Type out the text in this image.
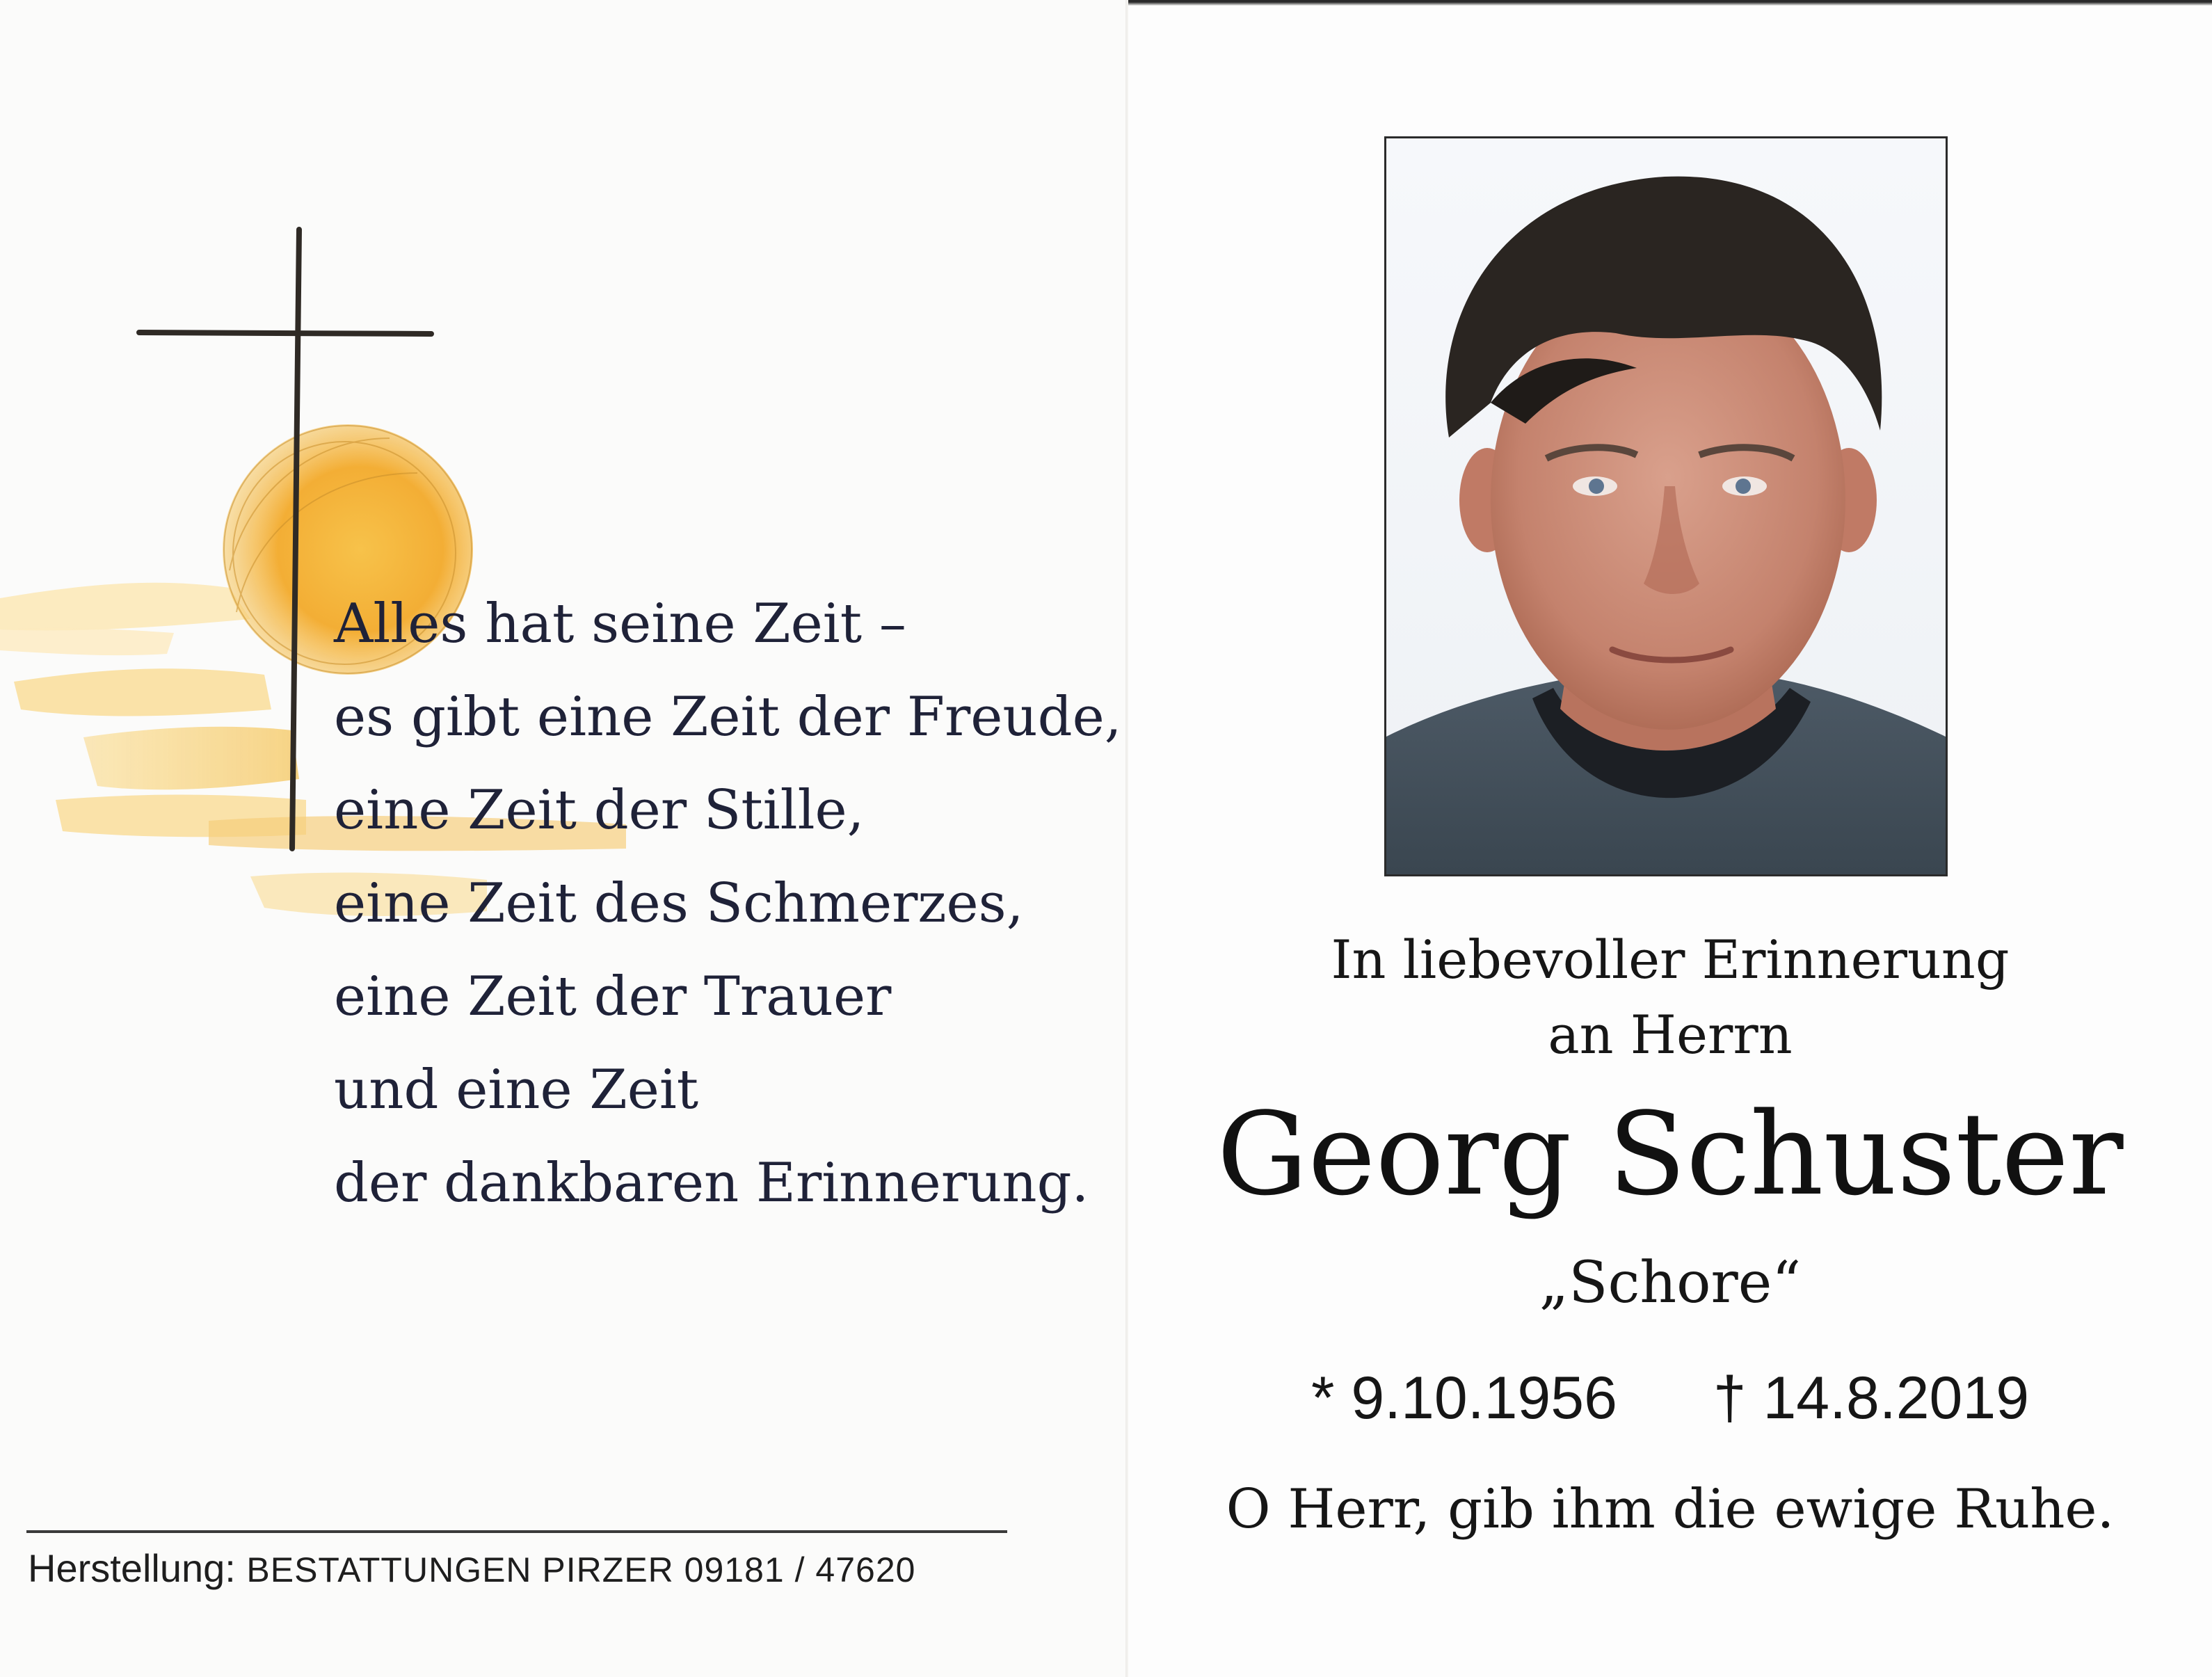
Alles hat seine Zeit –
es gibt eine Zeit der Freude,
eine Zeit der Stille,
eine Zeit des Schmerzes,
eine Zeit der Trauer
und eine Zeit
der dankbaren Erinnerung.
Herstellung: BESTATTUNGEN PIRZER 09181 / 47620
In liebevoller Erinnerung
an Herrn
Georg Schuster
„Schore“
* 9.10.1956 † 14.8.2019
O Herr, gib ihm die ewige Ruhe.
